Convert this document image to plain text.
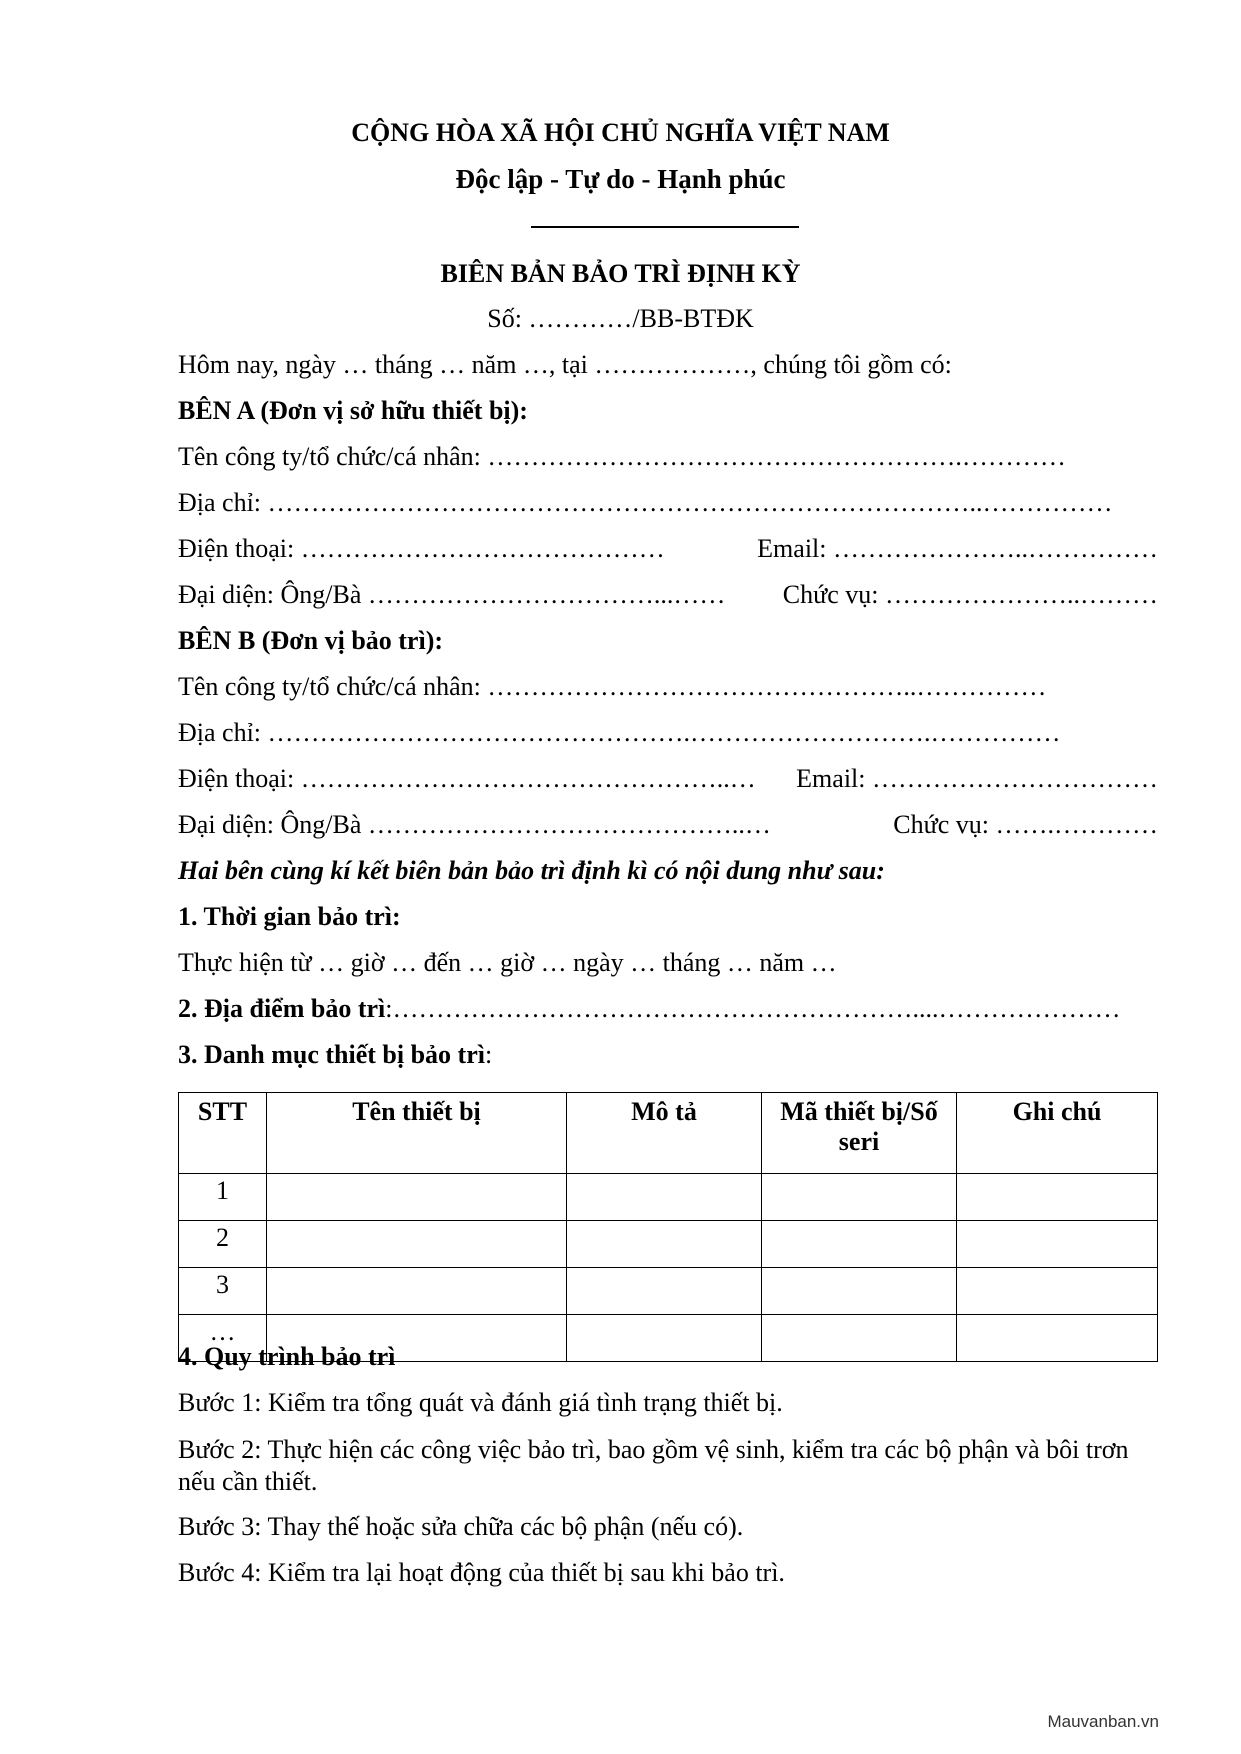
CỘNG HÒA XÃ HỘI CHỦ NGHĨA VIỆT NAM
Độc lập - Tự do - Hạnh phúc
BIÊN BẢN BẢO TRÌ ĐỊNH KỲ
Số: …………/BB-BTĐK
Hôm nay, ngày … tháng … năm …, tại ………………, chúng tôi gồm có:
BÊN A (Đơn vị sở hữu thiết bị):
Tên công ty/tổ chức/cá nhân: ……………………………………………….…………
Địa chỉ: ………………………………………………………………………..……………
Điện thoại: ……………………………………	Email: …………………..……………
Đại diện: Ông/Bà ……………………………...…… Chức vụ: …………………..………
BÊN B (Đơn vị bảo trì):
Tên công ty/tổ chức/cá nhân: …………………………………………..……………
Địa chỉ: ………………………………………….……………………….……………
Điện thoại: …………………………………………..… Email: ……………………………
Đại diện: Ông/Bà ……………………………………..…	Chức vụ: …….…………
Hai bên cùng kí kết biên bản bảo trì định kì có nội dung như sau:
1. Thời gian bảo trì:
Thực hiện từ … giờ … đến … giờ … ngày … tháng … năm …
2. Địa điểm bảo trì:……………………………………………………....…………………
3. Danh mục thiết bị bảo trì:
STT	Tên thiết bị	Mô tả	Mã thiết bị/Số seri	Ghi chú
1				
2				
3				
…				
4. Quy trình bảo trì
Bước 1: Kiểm tra tổng quát và đánh giá tình trạng thiết bị.
Bước 2: Thực hiện các công việc bảo trì, bao gồm vệ sinh, kiểm tra các bộ phận và bôi trơn nếu cần thiết.
Bước 3: Thay thế hoặc sửa chữa các bộ phận (nếu có).
Bước 4: Kiểm tra lại hoạt động của thiết bị sau khi bảo trì.
Mauvanban.vn
